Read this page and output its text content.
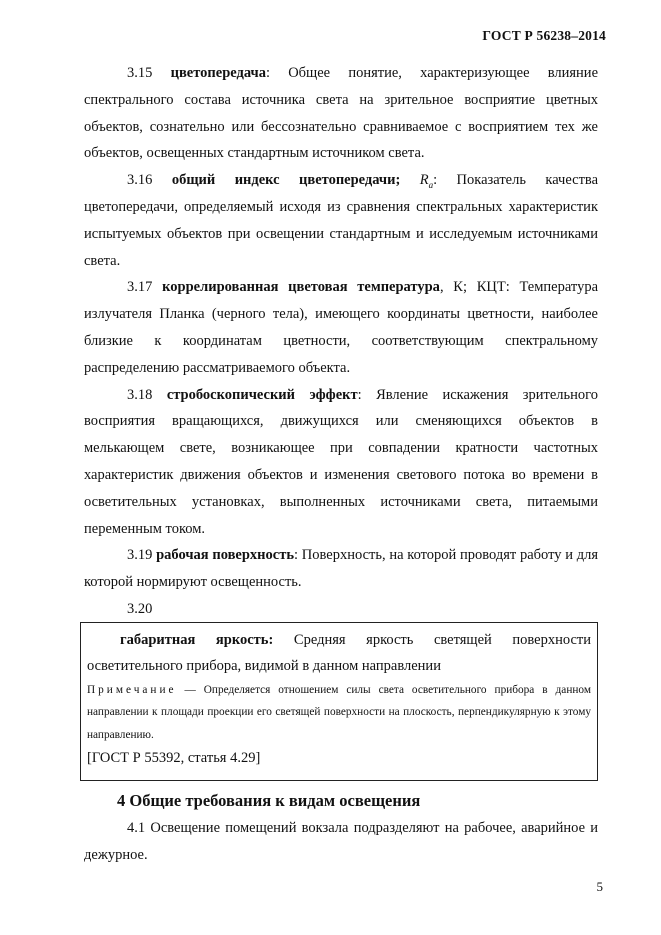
ГОСТ Р 56238–2014

3.15 цветопередача: Общее понятие, характеризующее влияние спектрального состава источника света на зрительное восприятие цветных объектов, сознательно или бессознательно сравниваемое с восприятием тех же объектов, освещенных стандартным источником света.

3.16 общий индекс цветопередачи; $R_a$: Показатель качества цветопередачи, определяемый исходя из сравнения спектральных характеристик испытуемых объектов при освещении стандартным и исследуемым источниками света.

3.17 коррелированная цветовая температура, К; КЦТ: Температура излучателя Планка (черного тела), имеющего координаты цветности, наиболее близкие к координатам цветности, соответствующим спектральному распределению рассматриваемого объекта.

3.18 стробоскопический эффект: Явление искажения зрительного восприятия вращающихся, движущихся или сменяющихся объектов в мелькающем свете, возникающее при совпадении кратности частотных характеристик движения объектов и изменения светового потока во времени в осветительных установках, выполненных источниками света, питаемыми переменным током.

3.19 рабочая поверхность: Поверхность, на которой проводят работу и для которой нормируют освещенность.

3.20

габаритная яркость: Средняя яркость светящей поверхности осветительного прибора, видимой в данном направлении

Примечание — Определяется отношением силы света осветительного прибора в данном направлении к площади проекции его светящей поверхности на плоскость, перпендикулярную к этому направлению.

[ГОСТ Р 55392, статья 4.29]

4 Общие требования к видам освещения

4.1 Освещение помещений вокзала подразделяют на рабочее, аварийное и дежурное.

5
